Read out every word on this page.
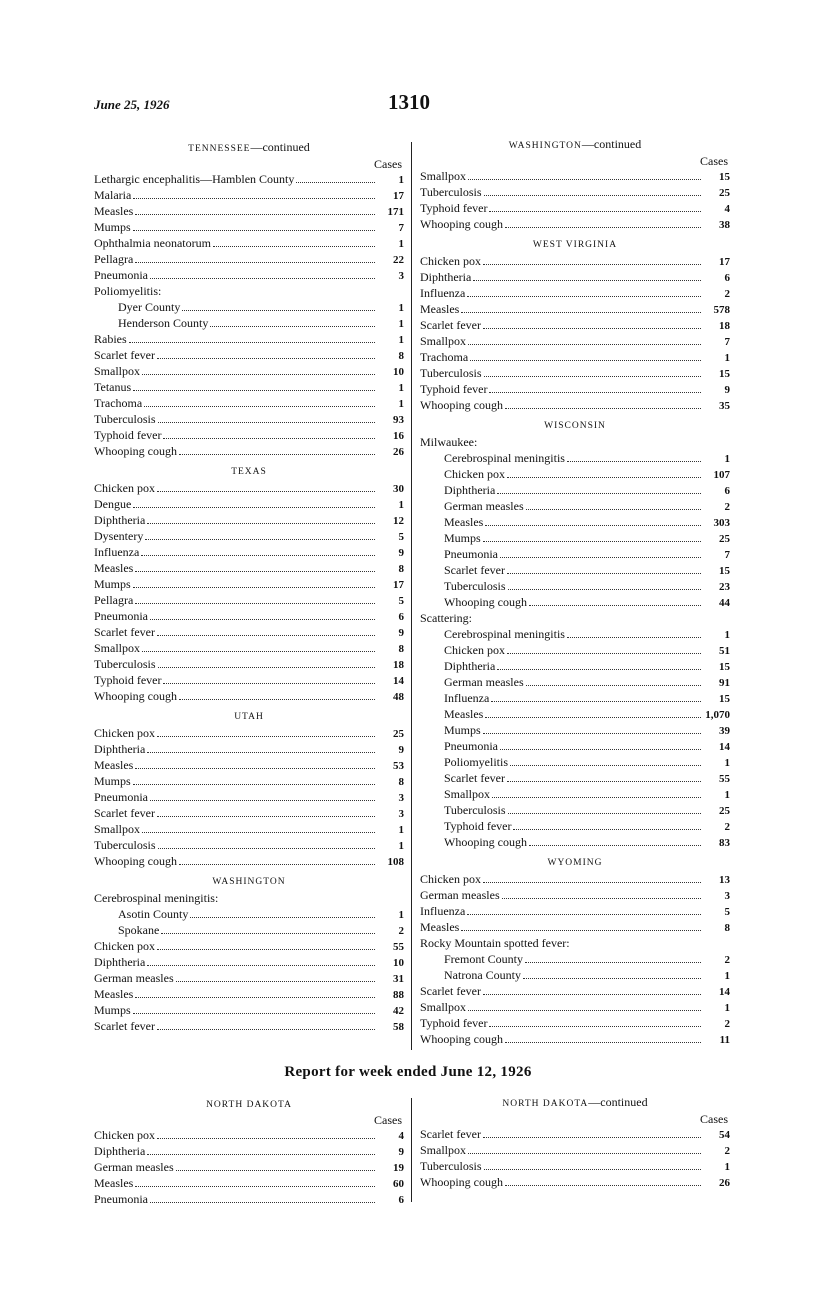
June 25, 1926	1310
TENNESSEE—continued
Cases
Lethargic encephalitis—Hamblen County	1
Malaria	17
Measles	171
Mumps	7
Ophthalmia neonatorum	1
Pellagra	22
Pneumonia	3
Poliomyelitis:
Dyer County	1
Henderson County	1
Rabies	1
Scarlet fever	8
Smallpox	10
Tetanus	1
Trachoma	1
Tuberculosis	93
Typhoid fever	16
Whooping cough	26
TEXAS
Chicken pox	30
Dengue	1
Diphtheria	12
Dysentery	5
Influenza	9
Measles	8
Mumps	17
Pellagra	5
Pneumonia	6
Scarlet fever	9
Smallpox	8
Tuberculosis	18
Typhoid fever	14
Whooping cough	48
UTAH
Chicken pox	25
Diphtheria	9
Measles	53
Mumps	8
Pneumonia	3
Scarlet fever	3
Smallpox	1
Tuberculosis	1
Whooping cough	108
WASHINGTON
Cerebrospinal meningitis:
Asotin County	1
Spokane	2
Chicken pox	55
Diphtheria	10
German measles	31
Measles	88
Mumps	42
Scarlet fever	58
WASHINGTON—continued
Cases
Smallpox	15
Tuberculosis	25
Typhoid fever	4
Whooping cough	38
WEST VIRGINIA
Chicken pox	17
Diphtheria	6
Influenza	2
Measles	578
Scarlet fever	18
Smallpox	7
Trachoma	1
Tuberculosis	15
Typhoid fever	9
Whooping cough	35
WISCONSIN
Milwaukee:
Cerebrospinal meningitis	1
Chicken pox	107
Diphtheria	6
German measles	2
Measles	303
Mumps	25
Pneumonia	7
Scarlet fever	15
Tuberculosis	23
Whooping cough	44
Scattering:
Cerebrospinal meningitis	1
Chicken pox	51
Diphtheria	15
German measles	91
Influenza	15
Measles	1,070
Mumps	39
Pneumonia	14
Poliomyelitis	1
Scarlet fever	55
Smallpox	1
Tuberculosis	25
Typhoid fever	2
Whooping cough	83
WYOMING
Chicken pox	13
German measles	3
Influenza	5
Measles	8
Rocky Mountain spotted fever:
Fremont County	2
Natrona County	1
Scarlet fever	14
Smallpox	1
Typhoid fever	2
Whooping cough	11
Report for week ended June 12, 1926
NORTH DAKOTA
Cases
Chicken pox	4
Diphtheria	9
German measles	19
Measles	60
Pneumonia	6
NORTH DAKOTA—continued
Cases
Scarlet fever	54
Smallpox	2
Tuberculosis	1
Whooping cough	26
